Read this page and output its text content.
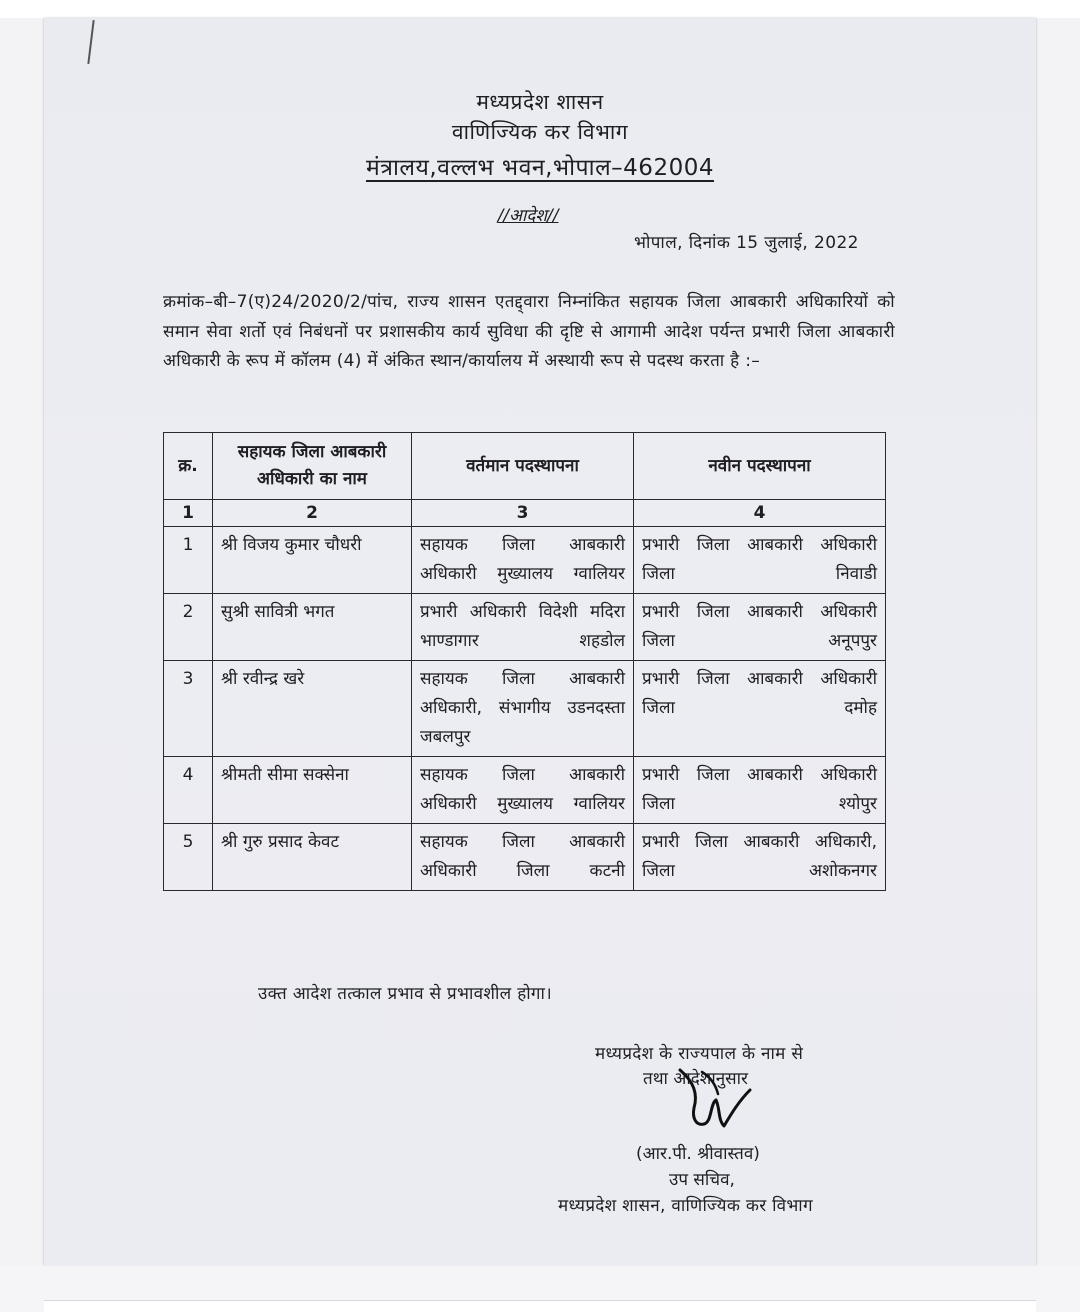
मध्यप्रदेश शासन
वाणिज्यिक कर विभाग
मंत्रालय,वल्लभ भवन,भोपाल–462004
//आदेश//
भोपाल, दिनांक 15 जुलाई, 2022
क्रमांक–बी–7(ए)24/2020/2/पांच, राज्य शासन एतद्द्वारा निम्नांकित सहायक जिला आबकारी अधिकारियों को समान सेवा शर्तो एवं निबंधनों पर प्रशासकीय कार्य सुविधा की दृष्टि से आगामी आदेश पर्यन्त प्रभारी जिला आबकारी अधिकारी के रूप में कॉलम (4) में अंकित स्थान/कार्यालय में अस्थायी रूप से पदस्थ करता है :–
क्र.	सहायक जिला आबकारी अधिकारी का नाम	वर्तमान पदस्थापना	नवीन पदस्थापना
1	2	3	4
1	श्री विजय कुमार चौधरी	सहायक जिला आबकारी अधिकारी मुख्यालय ग्वालियर	प्रभारी जिला आबकारी अधिकारी जिला निवाडी
2	सुश्री सावित्री भगत	प्रभारी अधिकारी विदेशी मदिरा भाण्डागार शहडोल	प्रभारी जिला आबकारी अधिकारी जिला अनूपपुर
3	श्री रवीन्द्र खरे	सहायक जिला आबकारी अधिकारी, संभागीय उडनदस्ता जबलपुर	प्रभारी जिला आबकारी अधिकारी जिला दमोह
4	श्रीमती सीमा सक्सेना	सहायक जिला आबकारी अधिकारी मुख्यालय ग्वालियर	प्रभारी जिला आबकारी अधिकारी जिला श्योपुर
5	श्री गुरु प्रसाद केवट	सहायक जिला आबकारी अधिकारी जिला कटनी	प्रभारी जिला आबकारी अधिकारी, जिला अशोकनगर
उक्त आदेश तत्काल प्रभाव से प्रभावशील होगा।
मध्यप्रदेश के राज्यपाल के नाम से
तथा आदेशानुसार
(आर.पी. श्रीवास्तव)
उप सचिव,
मध्यप्रदेश शासन, वाणिज्यिक कर विभाग
